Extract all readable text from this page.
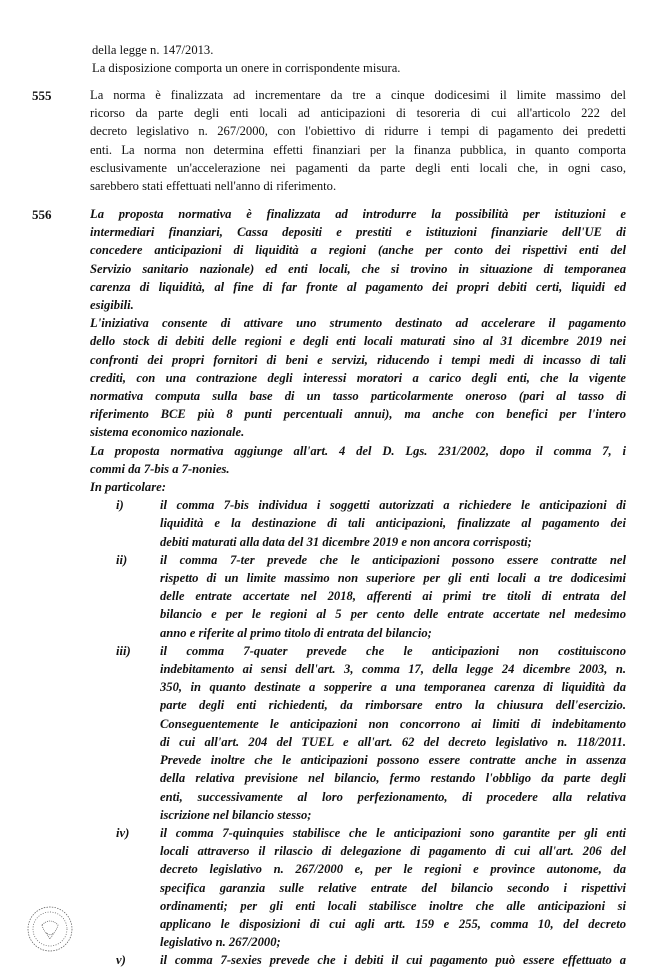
della legge n. 147/2013.
La disposizione comporta un onere in corrispondente misura.
555	La norma è finalizzata ad incrementare da tre a cinque dodicesimi il limite massimo del
ricorso da parte degli enti locali ad anticipazioni di tesoreria di cui all'articolo 222 del
decreto legislativo n. 267/2000, con l'obiettivo di ridurre i tempi di pagamento dei predetti
enti. La norma non determina effetti finanziari per la finanza pubblica, in quanto comporta
esclusivamente un'accelerazione nei pagamenti da parte degli enti locali che, in ogni caso,
sarebbero stati effettuati nell'anno di riferimento.
556	La proposta normativa è finalizzata ad introdurre la possibilità per istituzioni e
intermediari finanziari, Cassa depositi e prestiti e istituzioni finanziarie dell'UE di
concedere anticipazioni di liquidità a regioni (anche per conto dei rispettivi enti del
Servizio sanitario nazionale) ed enti locali, che si trovino in situazione di temporanea
carenza di liquidità, al fine di far fronte al pagamento dei propri debiti certi, liquidi ed
esigibili.
L'iniziativa consente di attivare uno strumento destinato ad accelerare il pagamento
dello stock di debiti delle regioni e degli enti locali maturati sino al 31 dicembre 2019 nei
confronti dei propri fornitori di beni e servizi, riducendo i tempi medi di incasso di tali
crediti, con una contrazione degli interessi moratori a carico degli enti, che la vigente
normativa computa sulla base di un tasso particolarmente oneroso (pari al tasso di
riferimento BCE più 8 punti percentuali annui), ma anche con benefici per l'intero
sistema economico nazionale.
La proposta normativa aggiunge all'art. 4 del D. Lgs. 231/2002, dopo il comma 7, i
commi da 7-bis a 7-nonies.
In particolare:
i)	il comma 7-bis individua i soggetti autorizzati a richiedere le anticipazioni di
liquidità e la destinazione di tali anticipazioni, finalizzate al pagamento dei
debiti maturati alla data del 31 dicembre 2019 e non ancora corrisposti;
ii)	il comma 7-ter prevede che le anticipazioni possono essere contratte nel
rispetto di un limite massimo non superiore per gli enti locali a tre dodicesimi
delle entrate accertate nel 2018, afferenti ai primi tre titoli di entrata del
bilancio e per le regioni al 5 per cento delle entrate accertate nel medesimo
anno e riferite al primo titolo di entrata del bilancio;
iii) il comma 7-quater prevede che le anticipazioni non costituiscono
indebitamento ai sensi dell'art. 3, comma 17, della legge 24 dicembre 2003, n.
350, in quanto destinate a sopperire a una temporanea carenza di liquidità da
parte degli enti richiedenti, da rimborsare entro la chiusura dell'esercizio.
Conseguentemente le anticipazioni non concorrono ai limiti di indebitamento
di cui all'art. 204 del TUEL e all'art. 62 del decreto legislativo n. 118/2011.
Prevede inoltre che le anticipazioni possono essere contratte anche in assenza
della relativa previsione nel bilancio, fermo restando l'obbligo da parte degli
enti, successivamente al loro perfezionamento, di procedere alla relativa
iscrizione nel bilancio stesso;
iv) il comma 7-quinquies stabilisce che le anticipazioni sono garantite per gli enti
locali attraverso il rilascio di delegazione di pagamento di cui all'art. 206 del
decreto legislativo n. 267/2000 e, per le regioni e province autonome, da
specifica garanzia sulle relative entrate del bilancio secondo i rispettivi
ordinamenti; per gli enti locali stabilisce inoltre che alle anticipazioni si
applicano le disposizioni di cui agli artt. 159 e 255, comma 10, del decreto
legislativo n. 267/2000;
v)	il comma 7-sexies prevede che i debiti il cui pagamento può essere effettuato a
